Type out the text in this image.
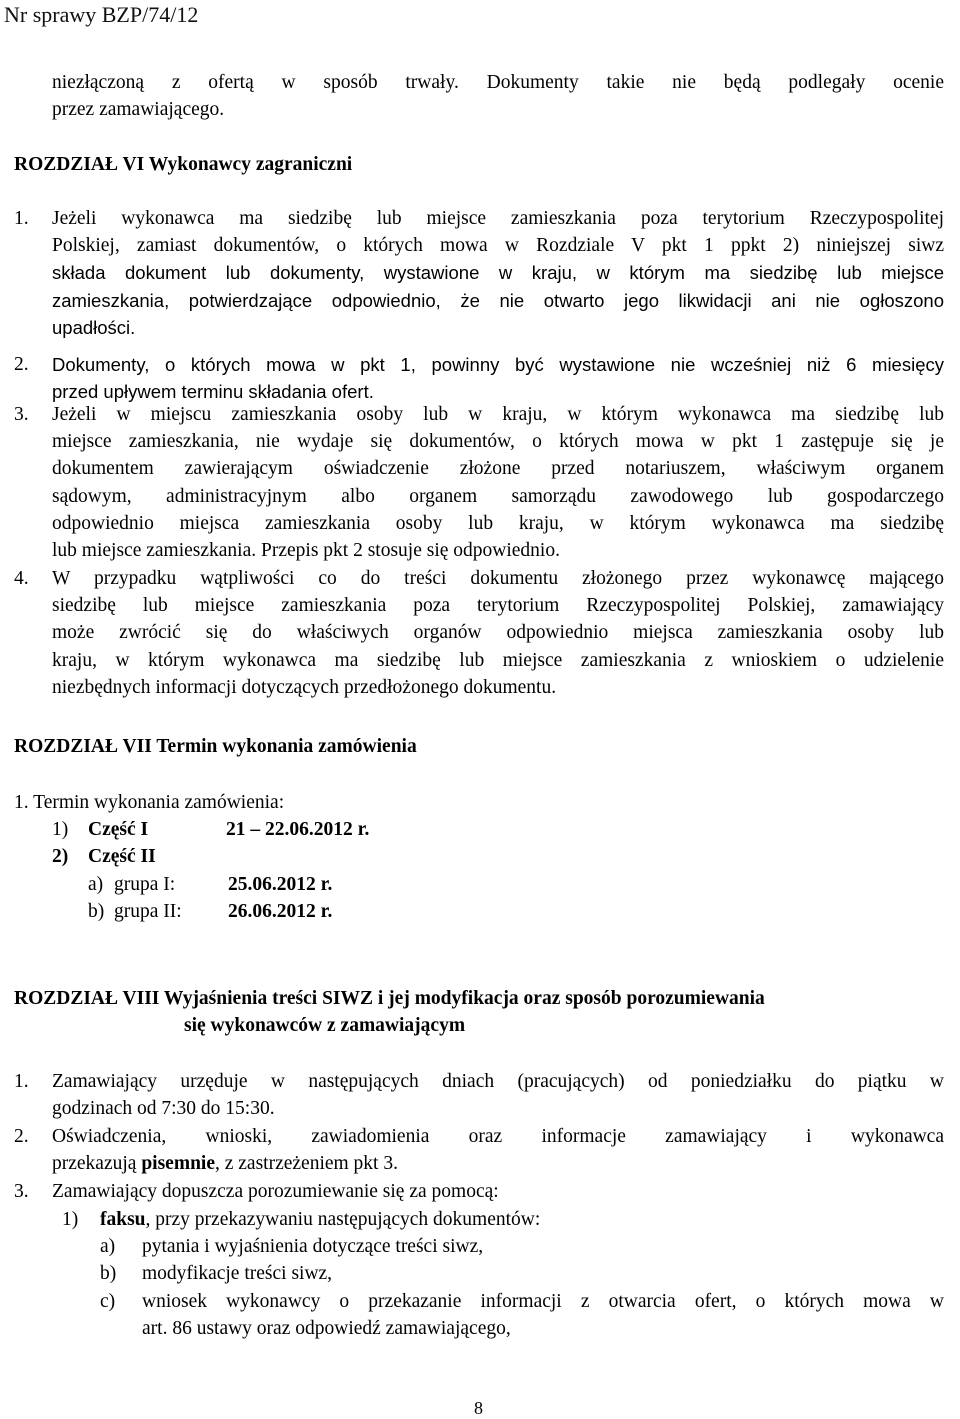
Nr sprawy BZP/74/12
niezłączoną z ofertą w sposób trwały. Dokumenty takie nie będą podlegały ocenie
przez zamawiającego.
ROZDZIAŁ VI Wykonawcy zagraniczni
1. Jeżeli wykonawca ma siedzibę lub miejsce zamieszkania poza terytorium Rzeczypospolitej
Polskiej, zamiast dokumentów, o których mowa w Rozdziale V pkt 1 ppkt 2) niniejszej siwz
składa dokument lub dokumenty, wystawione w kraju, w którym ma siedzibę lub miejsce
zamieszkania, potwierdzające odpowiednio, że nie otwarto jego likwidacji ani nie ogłoszono
upadłości.
2. Dokumenty, o których mowa w pkt 1, powinny być wystawione nie wcześniej niż 6 miesięcy
przed upływem terminu składania ofert.
3. Jeżeli w miejscu zamieszkania osoby lub w kraju, w którym wykonawca ma siedzibę lub
miejsce zamieszkania, nie wydaje się dokumentów, o których mowa w pkt 1 zastępuje się je
dokumentem zawierającym oświadczenie złożone przed notariuszem, właściwym organem
sądowym, administracyjnym albo organem samorządu zawodowego lub gospodarczego
odpowiednio miejsca zamieszkania osoby lub kraju, w którym wykonawca ma siedzibę
lub miejsce zamieszkania. Przepis pkt 2 stosuje się odpowiednio.
4. W przypadku wątpliwości co do treści dokumentu złożonego przez wykonawcę mającego
siedzibę lub miejsce zamieszkania poza terytorium Rzeczypospolitej Polskiej, zamawiający
może zwrócić się do właściwych organów odpowiednio miejsca zamieszkania osoby lub
kraju, w którym wykonawca ma siedzibę lub miejsce zamieszkania z wnioskiem o udzielenie
niezbędnych informacji dotyczących przedłożonego dokumentu.
ROZDZIAŁ VII Termin wykonania zamówienia
1. Termin wykonania zamówienia:
1) Część I	21 – 22.06.2012 r.
2) Część II
a) grupa I:	25.06.2012 r.
b) grupa II: 26.06.2012 r.
ROZDZIAŁ VIII Wyjaśnienia treści SIWZ i jej modyfikacja oraz sposób porozumiewania
się wykonawców z zamawiającym
1. Zamawiający urzęduje w następujących dniach (pracujących) od poniedziałku do piątku w
godzinach od 7:30 do 15:30.
2. Oświadczenia, wnioski, zawiadomienia oraz informacje zamawiający i wykonawca
przekazują pisemnie, z zastrzeżeniem pkt 3.
3. Zamawiający dopuszcza porozumiewanie się za pomocą:
1) faksu, przy przekazywaniu następujących dokumentów:
a) pytania i wyjaśnienia dotyczące treści siwz,
b) modyfikacje treści siwz,
c) wniosek wykonawcy o przekazanie informacji z otwarcia ofert, o których mowa w
art. 86 ustawy oraz odpowiedź zamawiającego,
8
